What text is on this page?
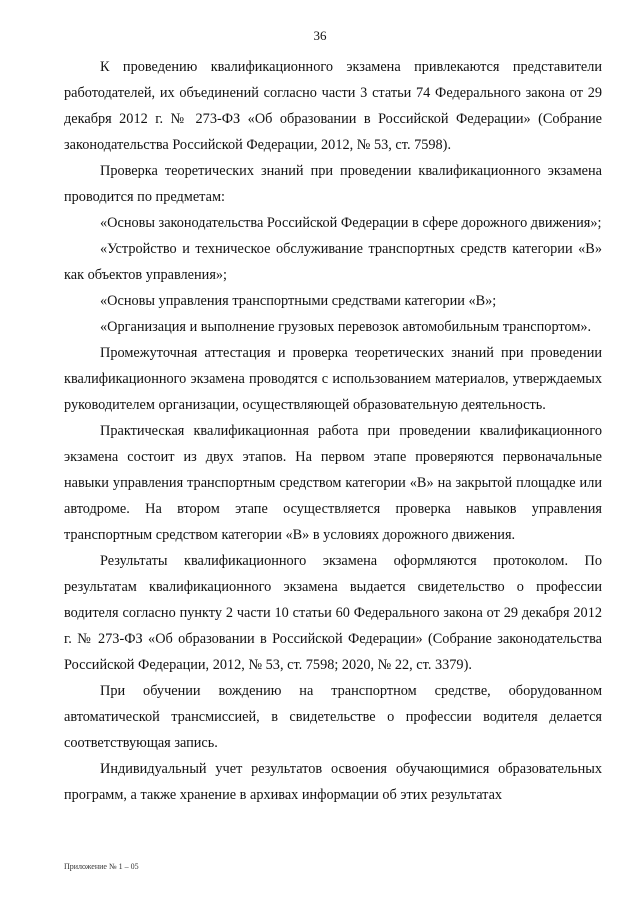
36

К проведению квалификационного экзамена привлекаются представители работодателей, их объединений согласно части 3 статьи 74 Федерального закона от 29 декабря 2012 г. № 273-ФЗ «Об образовании в Российской Федерации» (Собрание законодательства Российской Федерации, 2012, № 53, ст. 7598).

Проверка теоретических знаний при проведении квалификационного экзамена проводится по предметам:

«Основы законодательства Российской Федерации в сфере дорожного движения»;

«Устройство и техническое обслуживание транспортных средств категории «В» как объектов управления»;

«Основы управления транспортными средствами категории «В»;

«Организация и выполнение грузовых перевозок автомобильным транспортом».

Промежуточная аттестация и проверка теоретических знаний при проведении квалификационного экзамена проводятся с использованием материалов, утверждаемых руководителем организации, осуществляющей образовательную деятельность.

Практическая квалификационная работа при проведении квалификационного экзамена состоит из двух этапов. На первом этапе проверяются первоначальные навыки управления транспортным средством категории «В» на закрытой площадке или автодроме. На втором этапе осуществляется проверка навыков управления транспортным средством категории «В» в условиях дорожного движения.

Результаты квалификационного экзамена оформляются протоколом. По результатам квалификационного экзамена выдается свидетельство о профессии водителя согласно пункту 2 части 10 статьи 60 Федерального закона от 29 декабря 2012 г. № 273-ФЗ «Об образовании в Российской Федерации» (Собрание законодательства Российской Федерации, 2012, № 53, ст. 7598; 2020, № 22, ст. 3379).

При обучении вождению на транспортном средстве, оборудованном автоматической трансмиссией, в свидетельстве о профессии водителя делается соответствующая запись.

Индивидуальный учет результатов освоения обучающимися образовательных программ, а также хранение в архивах информации об этих результатах

Приложение № 1 – 05
